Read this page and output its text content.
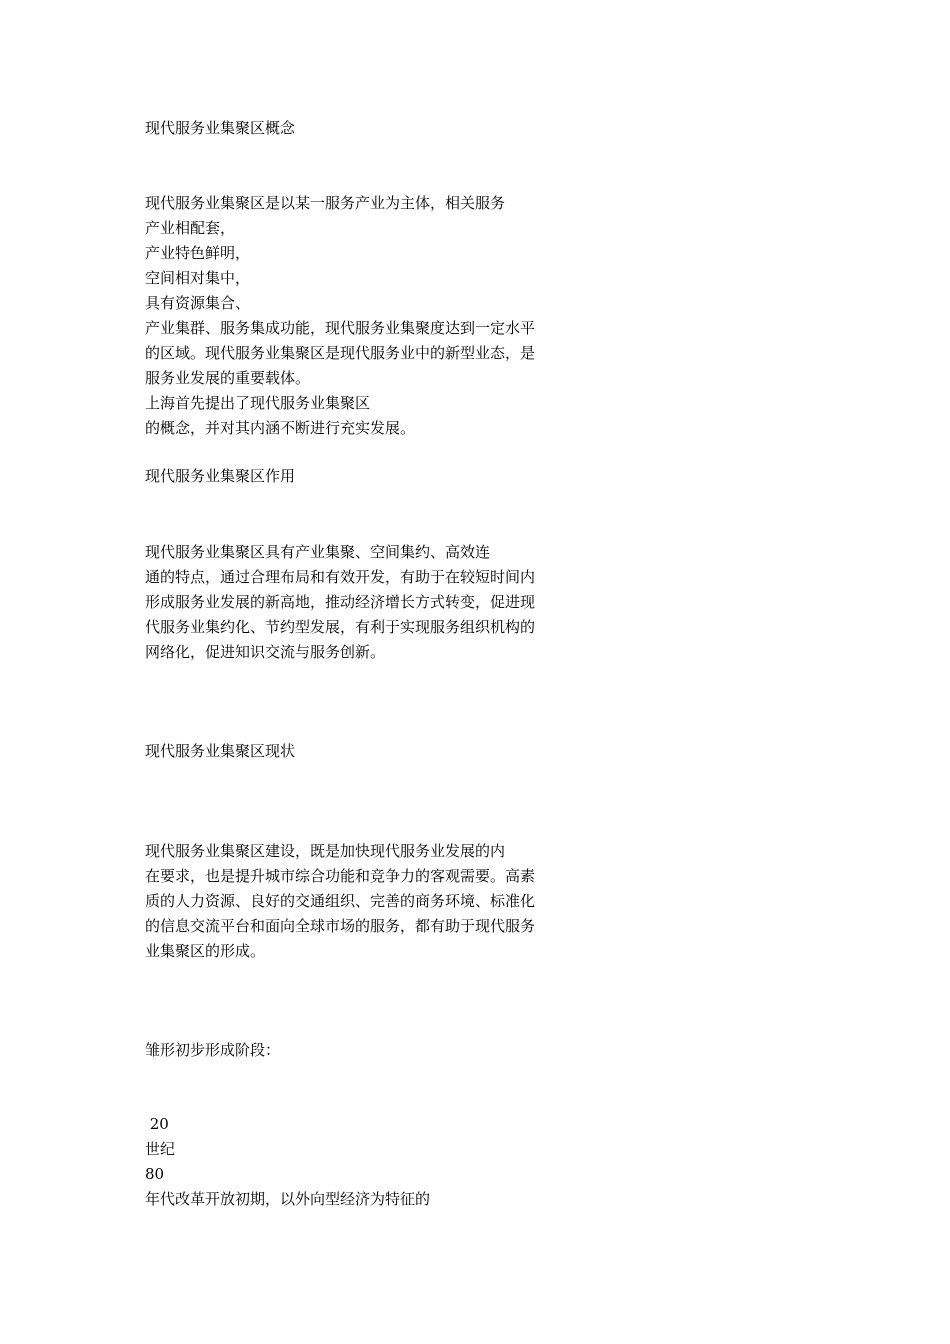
现代服务业集聚区概念
现代服务业集聚区是以某一服务产业为主体，相关服务
产业相配套，
产业特色鲜明，
空间相对集中，
具有资源集合、
产业集群、服务集成功能，现代服务业集聚度达到一定水平
的区域。现代服务业集聚区是现代服务业中的新型业态，是
服务业发展的重要载体。
上海首先提出了现代服务业集聚区
的概念，并对其内涵不断进行充实发展。
现代服务业集聚区作用
现代服务业集聚区具有产业集聚、空间集约、高效连
通的特点，通过合理布局和有效开发，有助于在较短时间内
形成服务业发展的新高地，推动经济增长方式转变，促进现
代服务业集约化、节约型发展，有利于实现服务组织机构的
网络化，促进知识交流与服务创新。
现代服务业集聚区现状
现代服务业集聚区建设，既是加快现代服务业发展的内
在要求，也是提升城市综合功能和竞争力的客观需要。高素
质的人力资源、良好的交通组织、完善的商务环境、标准化
的信息交流平台和面向全球市场的服务，都有助于现代服务
业集聚区的形成。
雏形初步形成阶段：
20
世纪
80
年代改革开放初期，以外向型经济为特征的
